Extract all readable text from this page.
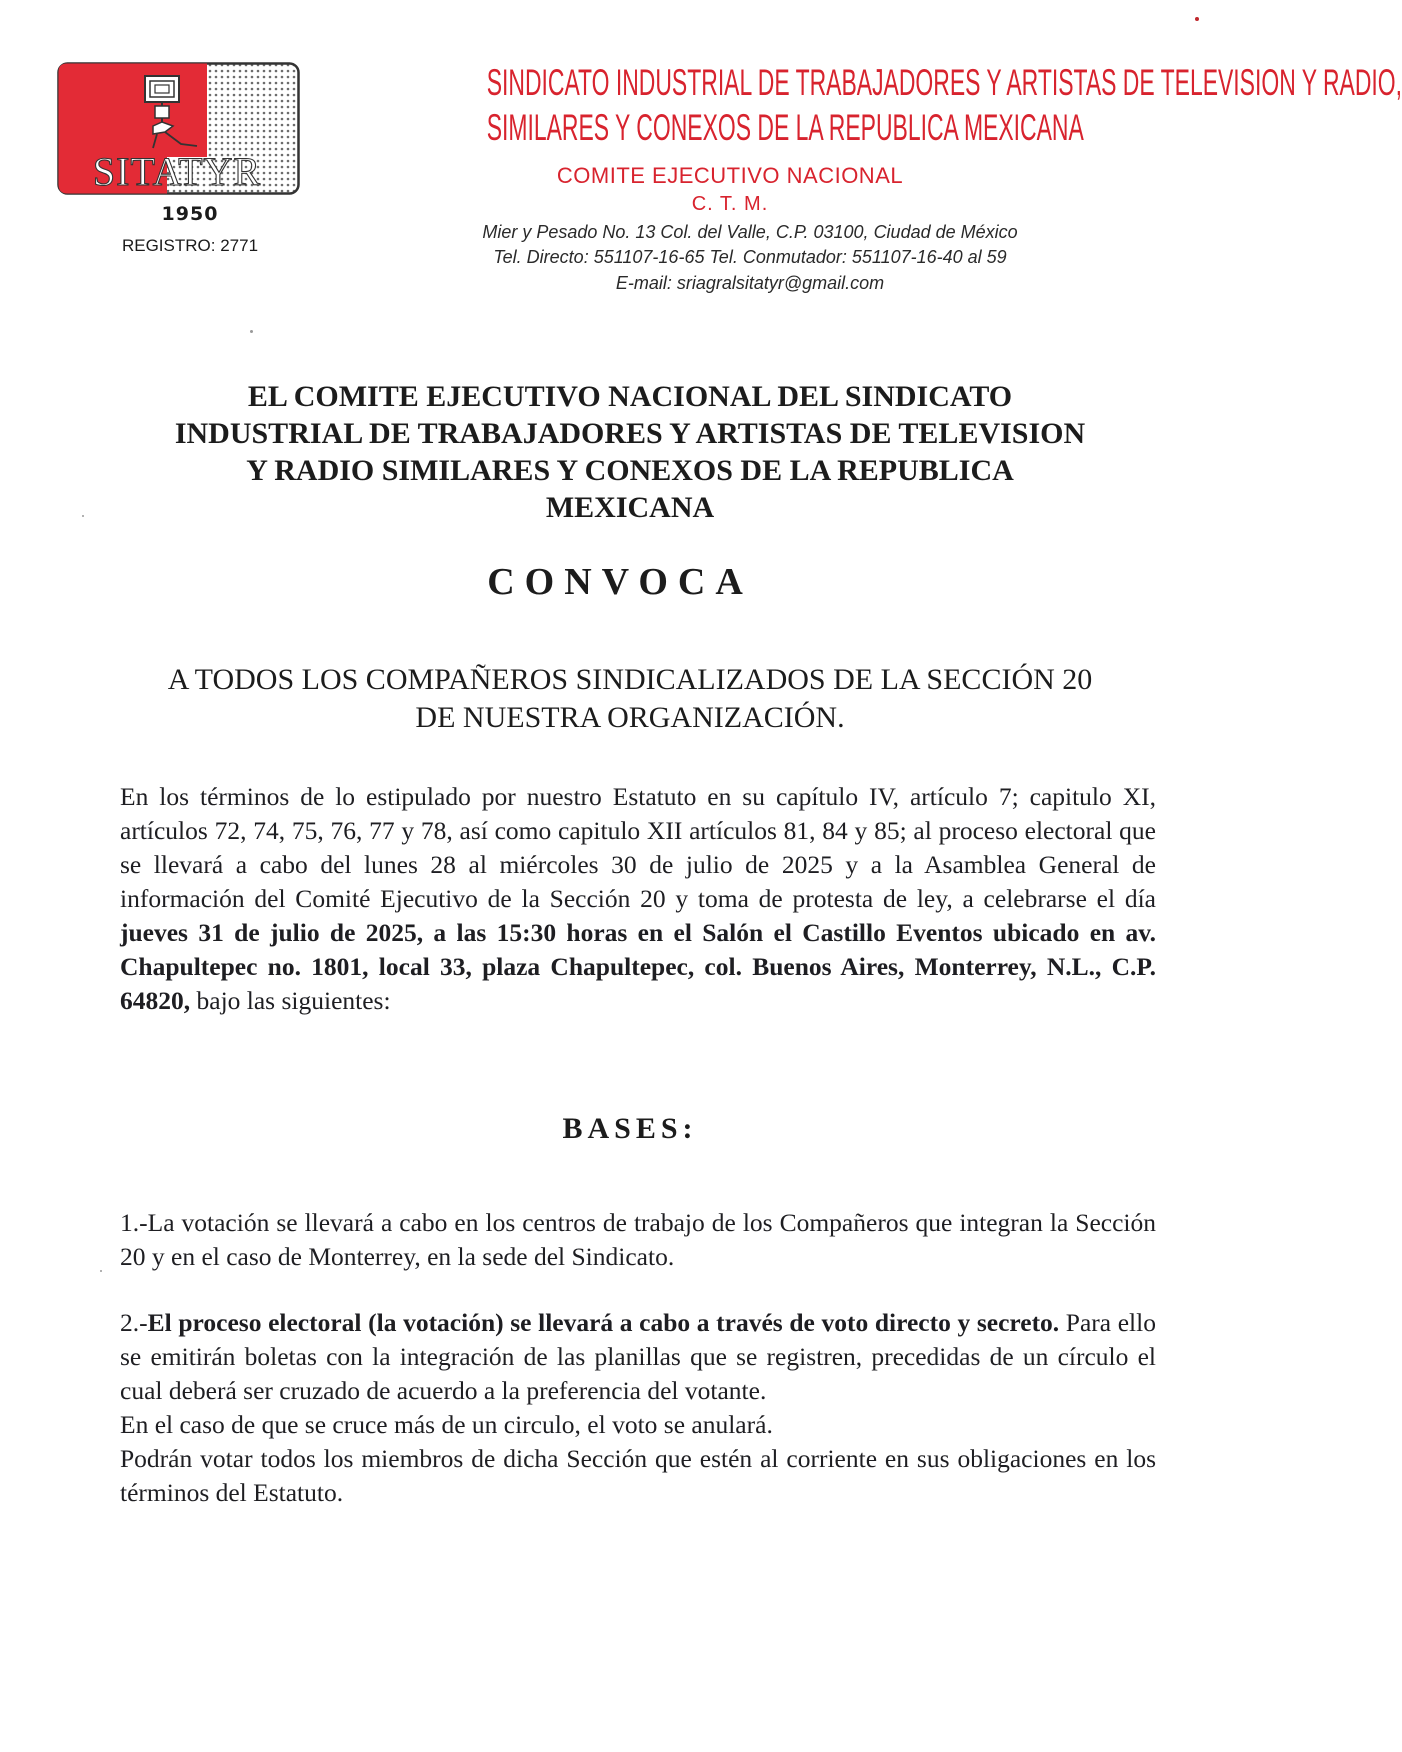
SITATYR
1950
REGISTRO: 2771
SINDICATO INDUSTRIAL DE TRABAJADORES Y ARTISTAS DE TELEVISION Y RADIO,
SIMILARES Y CONEXOS DE LA REPUBLICA MEXICANA
COMITE EJECUTIVO NACIONAL
C. T. M.
Mier y Pesado No. 13 Col. del Valle, C.P. 03100, Ciudad de México
Tel. Directo: 551107-16-65 Tel. Conmutador: 551107-16-40 al 59
E-mail: sriagralsitatyr@gmail.com
EL COMITE EJECUTIVO NACIONAL DEL SINDICATO
INDUSTRIAL DE TRABAJADORES Y ARTISTAS DE TELEVISION
Y RADIO SIMILARES Y CONEXOS DE LA REPUBLICA
MEXICANA
CONVOCA
A TODOS LOS COMPAÑEROS SINDICALIZADOS DE LA SECCIÓN 20
DE NUESTRA ORGANIZACIÓN.
En los términos de lo estipulado por nuestro Estatuto en su capítulo IV, artículo 7; capitulo XI, artículos 72, 74, 75, 76, 77 y 78, así como capitulo XII artículos 81, 84 y 85; al proceso electoral que se llevará a cabo del lunes 28 al miércoles 30 de julio de 2025 y a la Asamblea General de información del Comité Ejecutivo de la Sección 20 y toma de protesta de ley, a celebrarse el día jueves 31 de julio de 2025, a las 15:30 horas en el Salón el Castillo Eventos ubicado en av. Chapultepec no. 1801, local 33, plaza Chapultepec, col. Buenos Aires, Monterrey, N.L., C.P. 64820, bajo las siguientes:
BASES:
1.-La votación se llevará a cabo en los centros de trabajo de los Compañeros que integran la Sección 20 y en el caso de Monterrey, en la sede del Sindicato.
2.-El proceso electoral (la votación) se llevará a cabo a través de voto directo y secreto. Para ello se emitirán boletas con la integración de las planillas que se registren, precedidas de un círculo el cual deberá ser cruzado de acuerdo a la preferencia del votante.
En el caso de que se cruce más de un circulo, el voto se anulará.
Podrán votar todos los miembros de dicha Sección que estén al corriente en sus obligaciones en los términos del Estatuto.
